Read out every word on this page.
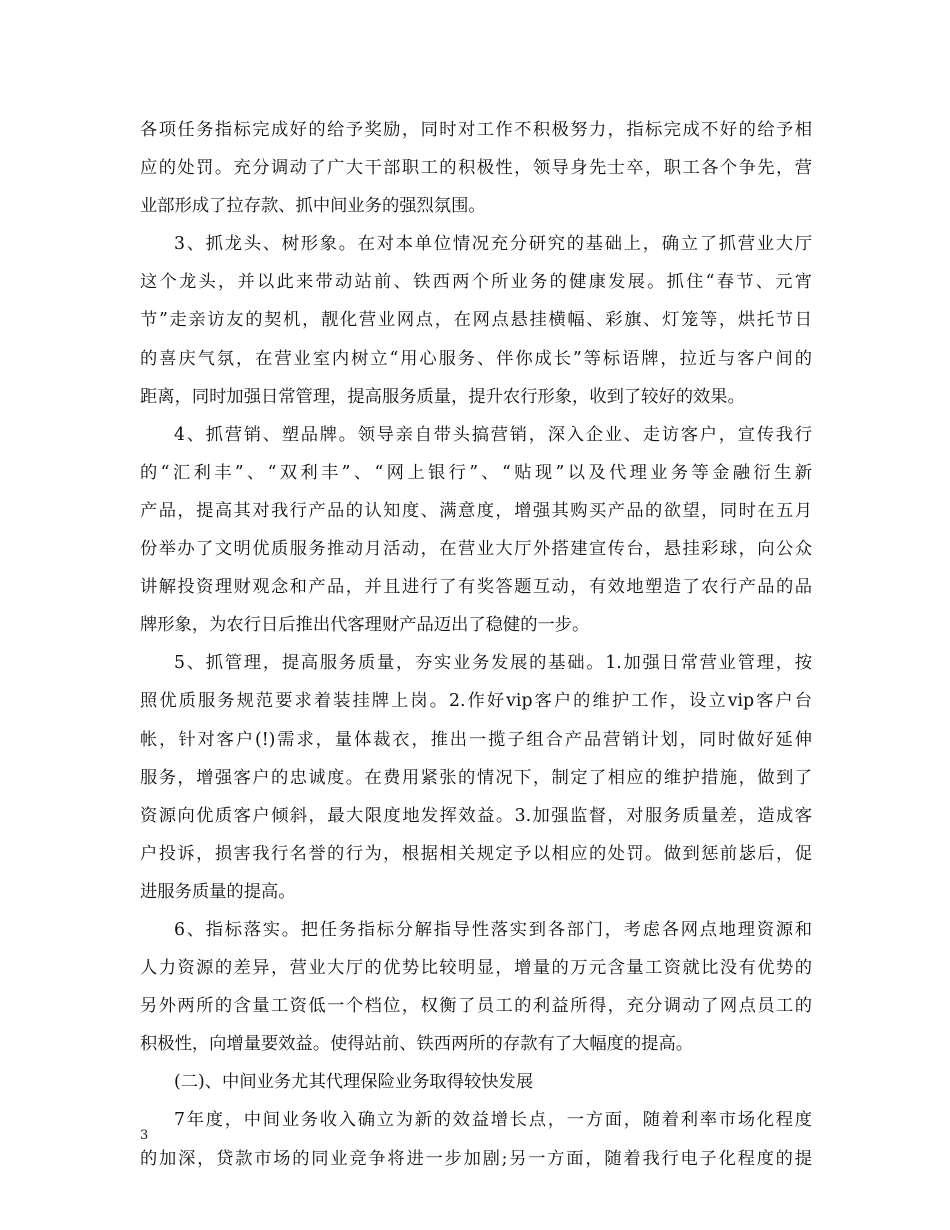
各项任务指标完成好的给予奖励，同时对工作不积极努力，指标完成不好的给予相
应的处罚。充分调动了广大干部职工的积极性，领导身先士卒，职工各个争先，营
业部形成了拉存款、抓中间业务的强烈氛围。
3、抓龙头、树形象。在对本单位情况充分研究的基础上，确立了抓营业大厅
这个龙头，并以此来带动站前、铁西两个所业务的健康发展。抓住“春节、元宵
节”走亲访友的契机，靓化营业网点，在网点悬挂横幅、彩旗、灯笼等，烘托节日
的喜庆气氛，在营业室内树立“用心服务、伴你成长”等标语牌，拉近与客户间的
距离，同时加强日常管理，提高服务质量，提升农行形象，收到了较好的效果。
4、抓营销、塑品牌。领导亲自带头搞营销，深入企业、走访客户，宣传我行
的“汇利丰”、“双利丰”、“网上银行”、“贴现”以及代理业务等金融衍生新
产品，提高其对我行产品的认知度、满意度，增强其购买产品的欲望，同时在五月
份举办了文明优质服务推动月活动，在营业大厅外搭建宣传台，悬挂彩球，向公众
讲解投资理财观念和产品，并且进行了有奖答题互动，有效地塑造了农行产品的品
牌形象，为农行日后推出代客理财产品迈出了稳健的一步。
5、抓管理，提高服务质量，夯实业务发展的基础。1.加强日常营业管理，按
照优质服务规范要求着装挂牌上岗。2.作好vip客户的维护工作，设立vip客户台
帐，针对客户(!)需求，量体裁衣，推出一揽子组合产品营销计划，同时做好延伸
服务，增强客户的忠诚度。在费用紧张的情况下，制定了相应的维护措施，做到了
资源向优质客户倾斜，最大限度地发挥效益。3.加强监督，对服务质量差，造成客
户投诉，损害我行名誉的行为，根据相关规定予以相应的处罚。做到惩前毖后，促
进服务质量的提高。
6、指标落实。把任务指标分解指导性落实到各部门，考虑各网点地理资源和
人力资源的差异，营业大厅的优势比较明显，增量的万元含量工资就比没有优势的
另外两所的含量工资低一个档位，权衡了员工的利益所得，充分调动了网点员工的
积极性，向增量要效益。使得站前、铁西两所的存款有了大幅度的提高。
(二)、中间业务尤其代理保险业务取得较快发展
7年度，中间业务收入确立为新的效益增长点，一方面，随着利率市场化程度
的加深，贷款市场的同业竞争将进一步加剧;另一方面，随着我行电子化程度的提
3
